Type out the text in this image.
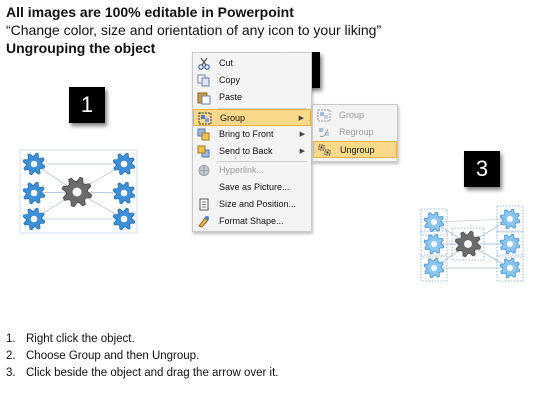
All images are 100% editable in Powerpoint
“Change color, size and orientation of any icon to your liking”
Ungrouping the object
1
3
Cut
Copy
Paste
Group	▶
Bring to Front	▶
Send to Back	▶
Hyperlink...
Save as Picture...
Size and Position...
Format Shape...
Group
Regroup
Ungroup
1. Right click the object.
2. Choose Group and then Ungroup.
3. Click beside the object and drag the arrow over it.
